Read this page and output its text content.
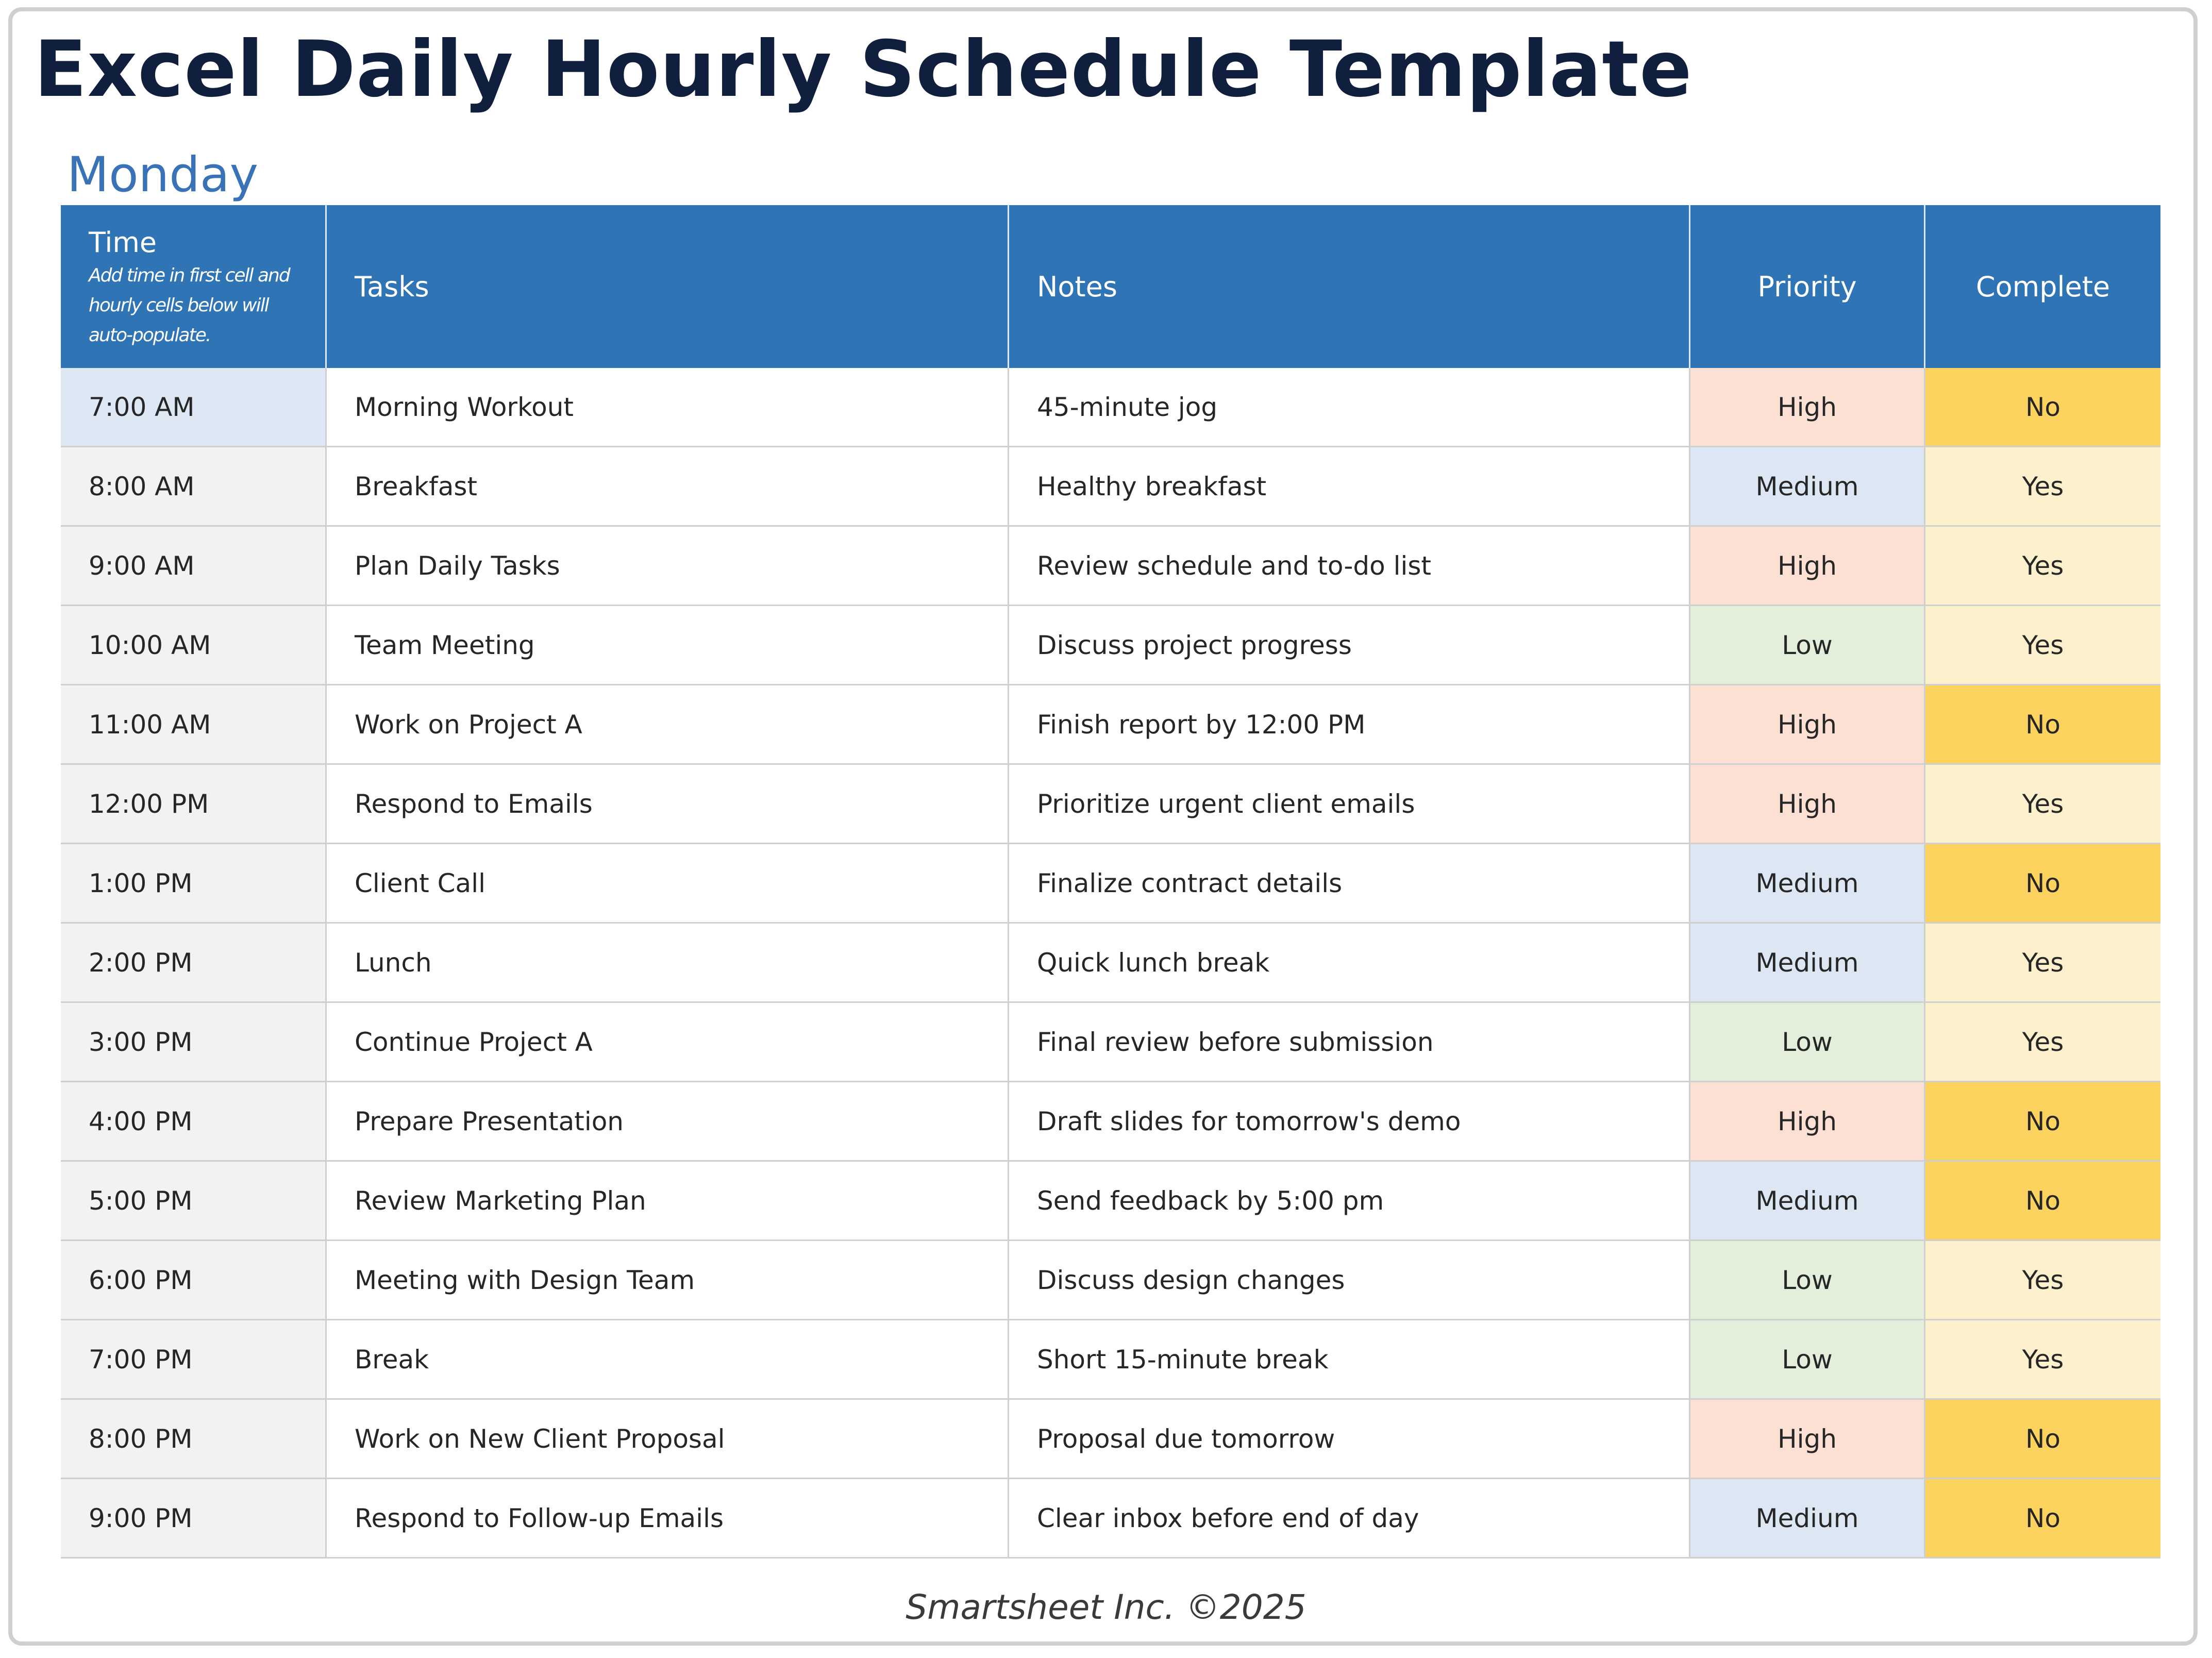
Excel Daily Hourly Schedule Template
Monday
Time
Add time in first cell and hourly cells below will auto-populate.
Tasks	Notes	Priority	Complete
7:00 AM	Morning Workout	45-minute jog	High	No
8:00 AM	Breakfast	Healthy breakfast	Medium	Yes
9:00 AM	Plan Daily Tasks	Review schedule and to-do list	High	Yes
10:00 AM	Team Meeting	Discuss project progress	Low	Yes
11:00 AM	Work on Project A	Finish report by 12:00 PM	High	No
12:00 PM	Respond to Emails	Prioritize urgent client emails	High	Yes
1:00 PM	Client Call	Finalize contract details	Medium	No
2:00 PM	Lunch	Quick lunch break	Medium	Yes
3:00 PM	Continue Project A	Final review before submission	Low	Yes
4:00 PM	Prepare Presentation	Draft slides for tomorrow's demo	High	No
5:00 PM	Review Marketing Plan	Send feedback by 5:00 pm	Medium	No
6:00 PM	Meeting with Design Team	Discuss design changes	Low	Yes
7:00 PM	Break	Short 15-minute break	Low	Yes
8:00 PM	Work on New Client Proposal	Proposal due tomorrow	High	No
9:00 PM	Respond to Follow-up Emails	Clear inbox before end of day	Medium	No
Smartsheet Inc. ©2025
